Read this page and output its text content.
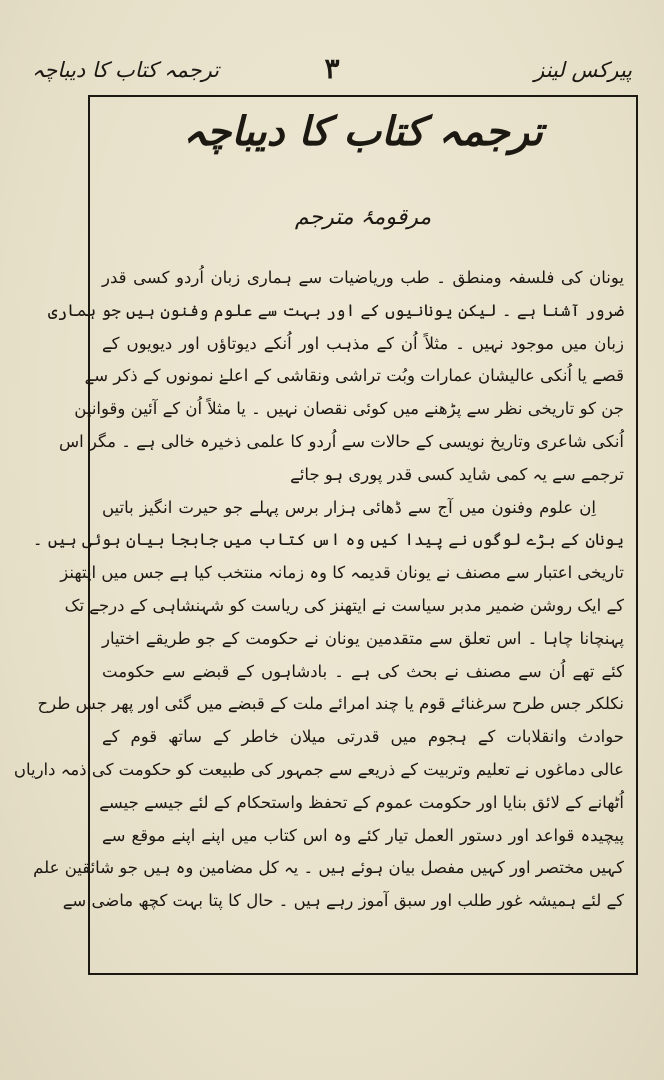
پیرکس لینز
۳
ترجمہ کتاب کا دیباچہ
ترجمہ کتاب کا دیباچہ
مرقومۂ مترجم
یونان کی فلسفہ ومنطق ۔ طب وریاضیات سے ہماری زبان اُردو کسی قدر
ضرور آشنا ہے ۔ لیکن یونانیوں کے اور بہت سے علوم وفنون ہیں جو ہماری
زبان میں موجود نہیں ۔ مثلاً اُن کے مذہب اور اُنکے دیوتاؤں اور دیویوں کے
قصے یا اُنکی عالیشان عمارات وبُت تراشی ونقاشی کے اعلےٰ نمونوں کے ذکر سے
جن کو تاریخی نظر سے پڑھنے میں کوئی نقصان نہیں ۔ یا مثلاً اُن کے آئین وقوانین
اُنکی شاعری وتاریخ نویسی کے حالات سے اُردو کا علمی ذخیرہ خالی ہے ۔ مگر اس
ترجمے سے یہ کمی شاید کسی قدر پوری ہو جائے
اِن علوم وفنون میں آج سے ڈھائی ہزار برس پہلے جو حیرت انگیز باتیں
یونان کے بڑے لوگوں نے پیدا کیں وہ اس کتاب میں جابجا بیان ہوئی ہیں ۔
تاریخی اعتبار سے مصنف نے یونان قدیمہ کا وہ زمانہ منتخب کیا ہے جس میں ایتھنز
کے ایک روشن ضمیر مدبر سیاست نے ایتھنز کی ریاست کو شہنشاہی کے درجے تک
پہنچانا چاہا ۔ اس تعلق سے متقدمین یونان نے حکومت کے جو طریقے اختیار
کئے تھے اُن سے مصنف نے بحث کی ہے ۔ بادشاہوں کے قبضے سے حکومت
نکلکر جس طرح سرغنائے قوم یا چند امرائے ملت کے قبضے میں گئی اور پھر جس طرح
حوادث وانقلابات کے ہجوم میں قدرتی میلان خاطر کے ساتھ قوم کے
عالی دماغوں نے تعلیم وتربیت کے ذریعے سے جمہور کی طبیعت کو حکومت کی ذمہ داریاں
اُٹھانے کے لائق بنایا اور حکومت عموم کے تحفظ واستحکام کے لئے جیسے جیسے
پیچیدہ قواعد اور دستور العمل تیار کئے وہ اس کتاب میں اپنے اپنے موقع سے
کہیں مختصر اور کہیں مفصل بیان ہوئے ہیں ۔ یہ کل مضامین وہ ہیں جو شائقین علم
کے لئے ہمیشہ غور طلب اور سبق آموز رہے ہیں ۔ حال کا پتا بہت کچھ ماضی سے
